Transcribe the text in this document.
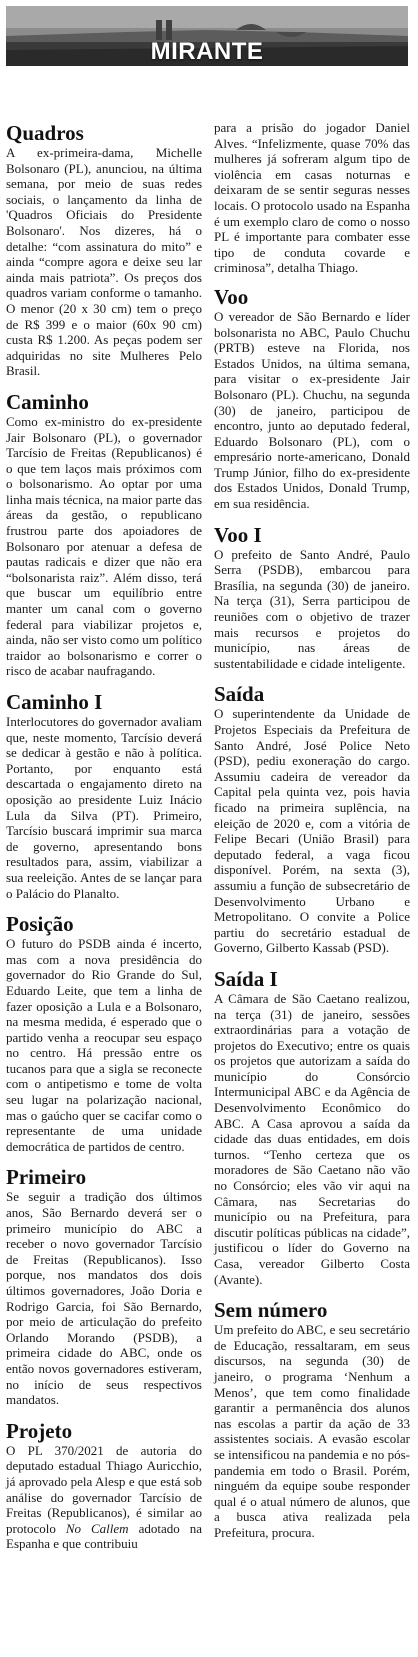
MIRANTE
Quadros

A ex-primeira-dama, Michelle Bolsonaro (PL), anunciou, na última semana, por meio de suas redes sociais, o lançamento da linha de 'Quadros Oficiais do Presidente Bolsonaro'. Nos dizeres, há o detalhe: “com assinatura do mito” e ainda “compre agora e deixe seu lar ainda mais patriota”. Os preços dos quadros variam conforme o tamanho. O menor (20 x 30 cm) tem o preço de R$ 399 e o maior (60x 90 cm) custa R$ 1.200. As peças podem ser adquiridas no site Mulheres Pelo Brasil.

Caminho

Como ex-ministro do ex-presidente Jair Bolsonaro (PL), o governador Tarcísio de Freitas (Republicanos) é o que tem laços mais próximos com o bolsonarismo. Ao optar por uma linha mais técnica, na maior parte das áreas da gestão, o republicano frustrou parte dos apoiadores de Bolsonaro por atenuar a defesa de pautas radicais e dizer que não era “bolsonarista raiz”. Além disso, terá que buscar um equilíbrio entre manter um canal com o governo federal para viabilizar projetos e, ainda, não ser visto como um político traidor ao bolsonarismo e correr o risco de acabar naufragando.

Caminho I

Interlocutores do governador avaliam que, neste momento, Tarcísio deverá se dedicar à gestão e não à política. Portanto, por enquanto está descartada o engajamento direto na oposição ao presidente Luiz Inácio Lula da Silva (PT). Primeiro, Tarcísio buscará imprimir sua marca de governo, apresentando bons resultados para, assim, viabilizar a sua reeleição. Antes de se lançar para o Palácio do Planalto.

Posição

O futuro do PSDB ainda é incerto, mas com a nova presidência do governador do Rio Grande do Sul, Eduardo Leite, que tem a linha de fazer oposição a Lula e a Bolsonaro, na mesma medida, é esperado que o partido venha a reocupar seu espaço no centro. Há pressão entre os tucanos para que a sigla se reconecte com o antipetismo e tome de volta seu lugar na polarização nacional, mas o gaúcho quer se cacifar como o representante de uma unidade democrática de partidos de centro.

Primeiro

Se seguir a tradição dos últimos anos, São Bernardo deverá ser o primeiro município do ABC a receber o novo governador Tarcísio de Freitas (Republicanos). Isso porque, nos mandatos dos dois últimos governadores, João Doria e Rodrigo Garcia, foi São Bernardo, por meio de articulação do prefeito Orlando Morando (PSDB), a primeira cidade do ABC, onde os então novos governadores estiveram, no início de seus respectivos mandatos.

Projeto

O PL 370/2021 de autoria do deputado estadual Thiago Auricchio, já aprovado pela Alesp e que está sob análise do governador Tarcísio de Freitas (Republicanos), é similar ao protocolo No Callem adotado na Espanha e que contribuiu

para a prisão do jogador Daniel Alves. “Infelizmente, quase 70% das mulheres já sofreram algum tipo de violência em casas noturnas e deixaram de se sentir seguras nesses locais. O protocolo usado na Espanha é um exemplo claro de como o nosso PL é importante para combater esse tipo de conduta covarde e criminosa”, detalha Thiago.

Voo

O vereador de São Bernardo e líder bolsonarista no ABC, Paulo Chuchu (PRTB) esteve na Florida, nos Estados Unidos, na última semana, para visitar o ex-presidente Jair Bolsonaro (PL). Chuchu, na segunda (30) de janeiro, participou de encontro, junto ao deputado federal, Eduardo Bolsonaro (PL), com o empresário norte-americano, Donald Trump Júnior, filho do ex-presidente dos Estados Unidos, Donald Trump, em sua residência.

Voo I

O prefeito de Santo André, Paulo Serra (PSDB), embarcou para Brasília, na segunda (30) de janeiro. Na terça (31), Serra participou de reuniões com o objetivo de trazer mais recursos e projetos do município, nas áreas de sustentabilidade e cidade inteligente.

Saída

O superintendente da Unidade de Projetos Especiais da Prefeitura de Santo André, José Police Neto (PSD), pediu exoneração do cargo. Assumiu cadeira de vereador da Capital pela quinta vez, pois havia ficado na primeira suplência, na eleição de 2020 e, com a vitória de Felipe Becari (União Brasil) para deputado federal, a vaga ficou disponível. Porém, na sexta (3), assumiu a função de subsecretário de Desenvolvimento Urbano e Metropolitano. O convite a Police partiu do secretário estadual de Governo, Gilberto Kassab (PSD).

Saída I

A Câmara de São Caetano realizou, na terça (31) de janeiro, sessões extraordinárias para a votação de projetos do Executivo; entre os quais os projetos que autorizam a saída do município do Consórcio Intermunicipal ABC e da Agência de Desenvolvimento Econômico do ABC. A Casa aprovou a saída da cidade das duas entidades, em dois turnos. “Tenho certeza que os moradores de São Caetano não vão no Consórcio; eles vão vir aqui na Câmara, nas Secretarias do município ou na Prefeitura, para discutir políticas públicas na cidade”, justificou o líder do Governo na Casa, vereador Gilberto Costa (Avante).

Sem número

Um prefeito do ABC, e seu secretário de Educação, ressaltaram, em seus discursos, na segunda (30) de janeiro, o programa ‘Nenhum a Menos’, que tem como finalidade garantir a permanência dos alunos nas escolas a partir da ação de 33 assistentes sociais. A evasão escolar se intensificou na pandemia e no pós-pandemia em todo o Brasil. Porém, ninguém da equipe soube responder qual é o atual número de alunos, que a busca ativa realizada pela Prefeitura, procura.
